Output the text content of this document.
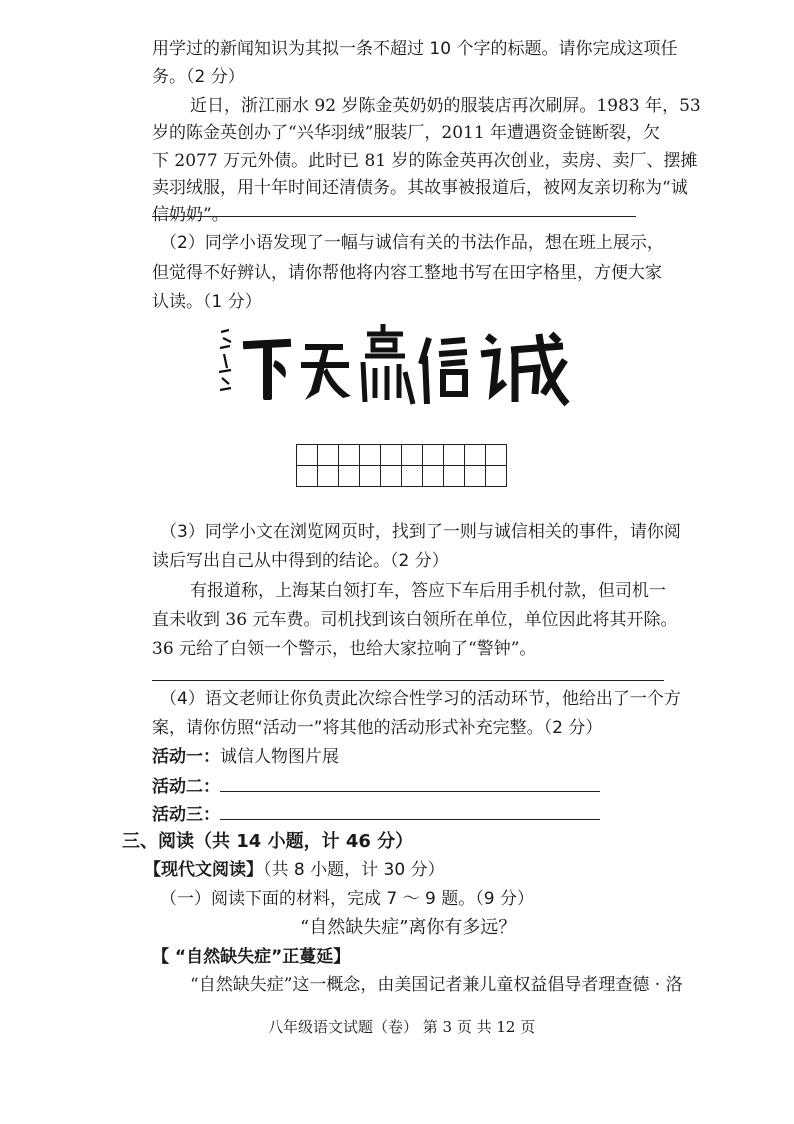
用学过的新闻知识为其拟一条不超过 10 个字的标题。请你完成这项任
务。（2 分）
近日，浙江丽水 92 岁陈金英奶奶的服装店再次刷屏。1983 年，53
岁的陈金英创办了“兴华羽绒”服装厂，2011 年遭遇资金链断裂，欠
下 2077 万元外债。此时已 81 岁的陈金英再次创业，卖房、卖厂、摆摊
卖羽绒服，用十年时间还清债务。其故事被报道后，被网友亲切称为“诚
信奶奶”。
（2）同学小语发现了一幅与诚信有关的书法作品，想在班上展示，
但觉得不好辨认，请你帮他将内容工整地书写在田字格里，方便大家
认读。（1 分）

（3）同学小文在浏览网页时，找到了一则与诚信相关的事件，请你阅
读后写出自己从中得到的结论。（2 分）
有报道称，上海某白领打车，答应下车后用手机付款，但司机一
直未收到 36 元车费。司机找到该白领所在单位，单位因此将其开除。
36 元给了白领一个警示，也给大家拉响了“警钟”。
（4）语文老师让你负责此次综合性学习的活动环节，他给出了一个方
案，请你仿照“活动一”将其他的活动形式补充完整。（2 分）
活动一：诚信人物图片展
活动二：
活动三：
三、阅读（共 14 小题，计 46 分）
【现代文阅读】（共 8 小题，计 30 分）
（一）阅读下面的材料，完成 7 ～ 9 题。（9 分）
“自然缺失症”离你有多远？
【 “自然缺失症”正蔓延】
“自然缺失症”这一概念，由美国记者兼儿童权益倡导者理查德 · 洛
八年级语文试题（卷） 第 3 页 共 12 页
